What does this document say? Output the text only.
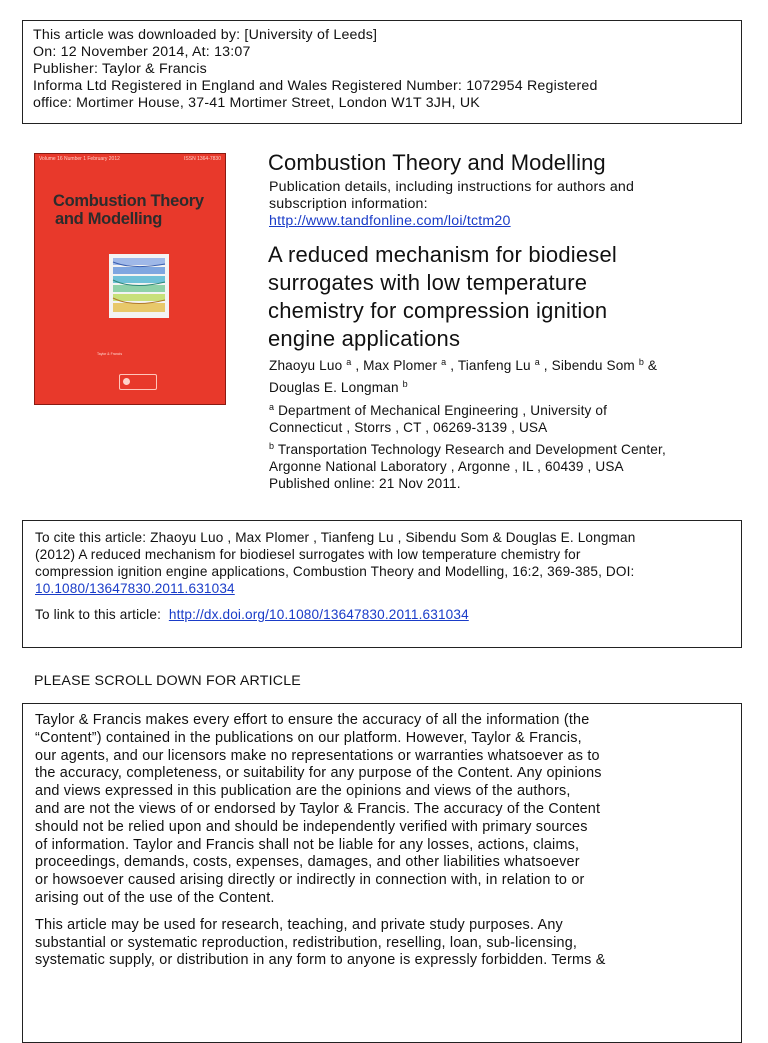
This article was downloaded by: [University of Leeds]
On: 12 November 2014, At: 13:07
Publisher: Taylor & Francis
Informa Ltd Registered in England and Wales Registered Number: 1072954 Registered
office: Mortimer House, 37-41 Mortimer Street, London W1T 3JH, UK
Volume 16 Number 1 February 2012	ISSN 1364-7830
Combustion Theory
and Modelling
Taylor & Francis
Combustion Theory and Modelling
Publication details, including instructions for authors and
subscription information:
http://www.tandfonline.com/loi/tctm20
A reduced mechanism for biodiesel
surrogates with low temperature
chemistry for compression ignition
engine applications
Zhaoyu Luo $^a$ , Max Plomer $^a$ , Tianfeng Lu $^a$ , Sibendu Som $^b$ &
Douglas E. Longman $^b$
$^a$ Department of Mechanical Engineering , University of
Connecticut , Storrs , CT , 06269-3139 , USA
$^b$ Transportation Technology Research and Development Center,
Argonne National Laboratory , Argonne , IL , 60439 , USA
Published online: 21 Nov 2011.
To cite this article: Zhaoyu Luo , Max Plomer , Tianfeng Lu , Sibendu Som & Douglas E. Longman
(2012) A reduced mechanism for biodiesel surrogates with low temperature chemistry for
compression ignition engine applications, Combustion Theory and Modelling, 16:2, 369-385, DOI:
10.1080/13647830.2011.631034
To link to this article:  http://dx.doi.org/10.1080/13647830.2011.631034
PLEASE SCROLL DOWN FOR ARTICLE
Taylor & Francis makes every effort to ensure the accuracy of all the information (the
“Content”) contained in the publications on our platform. However, Taylor & Francis,
our agents, and our licensors make no representations or warranties whatsoever as to
the accuracy, completeness, or suitability for any purpose of the Content. Any opinions
and views expressed in this publication are the opinions and views of the authors,
and are not the views of or endorsed by Taylor & Francis. The accuracy of the Content
should not be relied upon and should be independently verified with primary sources
of information. Taylor and Francis shall not be liable for any losses, actions, claims,
proceedings, demands, costs, expenses, damages, and other liabilities whatsoever
or howsoever caused arising directly or indirectly in connection with, in relation to or
arising out of the use of the Content.
This article may be used for research, teaching, and private study purposes. Any
substantial or systematic reproduction, redistribution, reselling, loan, sub-licensing,
systematic supply, or distribution in any form to anyone is expressly forbidden. Terms &
